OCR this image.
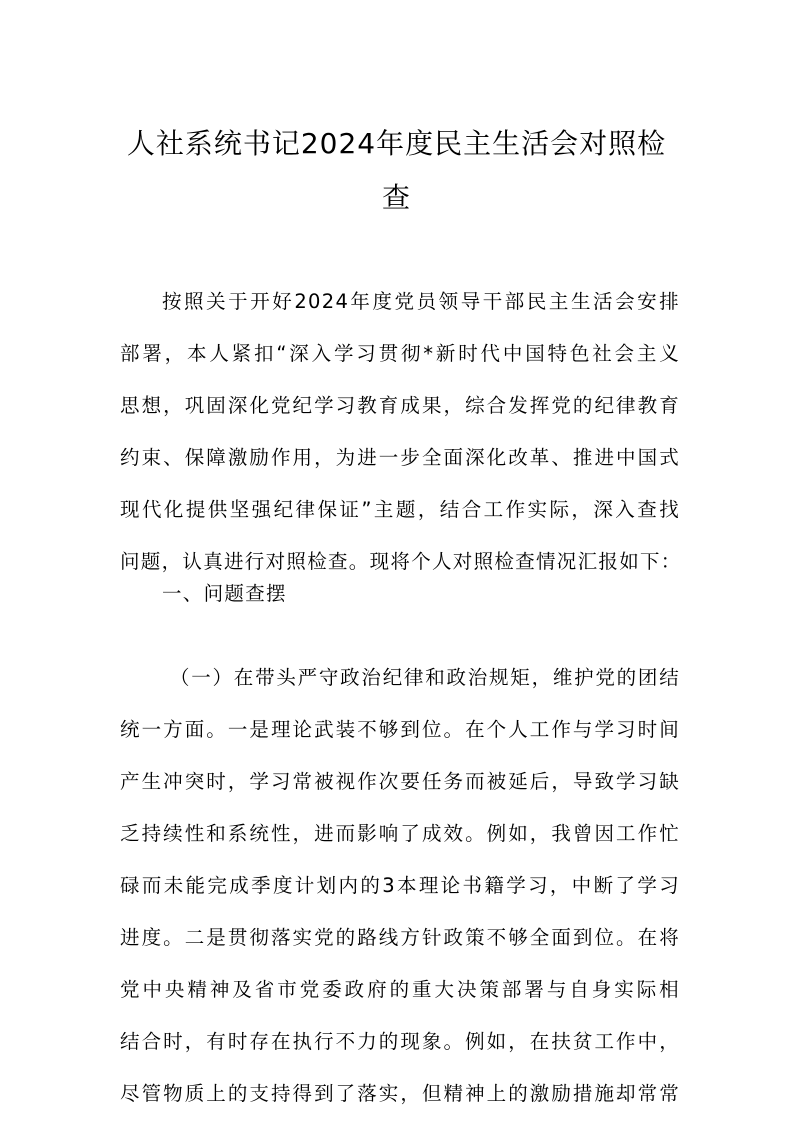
人社系统书记2024年度民主生活会对照检
查
按照关于开好2024年度党员领导干部民主生活会安排
部署，本人紧扣“深入学习贯彻*新时代中国特色社会主义
思想，巩固深化党纪学习教育成果，综合发挥党的纪律教育
约束、保障激励作用，为进一步全面深化改革、推进中国式
现代化提供坚强纪律保证”主题，结合工作实际，深入查找
问题，认真进行对照检查。现将个人对照检查情况汇报如下：
一、问题查摆
（一）在带头严守政治纪律和政治规矩，维护党的团结
统一方面。一是理论武装不够到位。在个人工作与学习时间
产生冲突时，学习常被视作次要任务而被延后，导致学习缺
乏持续性和系统性，进而影响了成效。例如，我曾因工作忙
碌而未能完成季度计划内的3本理论书籍学习，中断了学习
进度。二是贯彻落实党的路线方针政策不够全面到位。在将
党中央精神及省市党委政府的重大决策部署与自身实际相
结合时，有时存在执行不力的现象。例如，在扶贫工作中，
尽管物质上的支持得到了落实，但精神上的激励措施却常常
